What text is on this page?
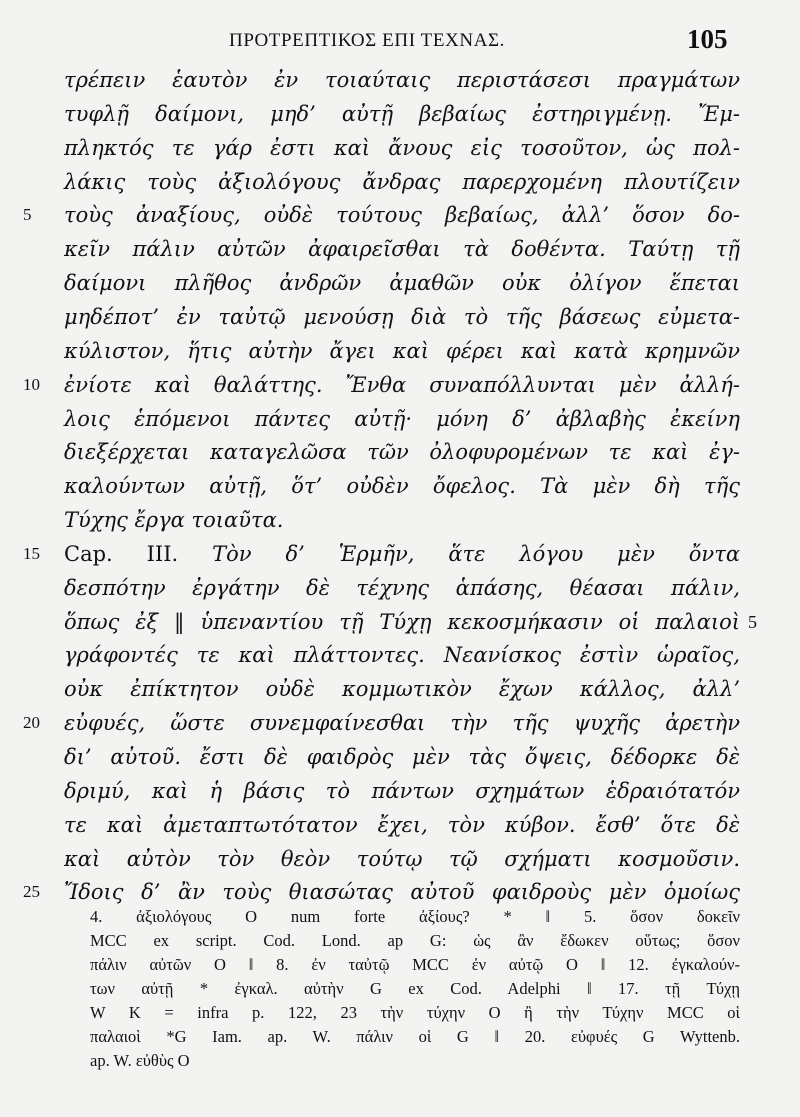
ΠΡΟΤΡΕΠΤΙΚΟΣ ΕΠΙ ΤΕΧΝΑΣ.	105
τρέπειν ἑαυτὸν ἐν τοιαύταις περιστάσεσι πραγμάτων
τυφλῇ δαίμονι, μηδ’ αὐτῇ βεβαίως ἐστηριγμένῃ. Ἔμ-
πληκτός τε γάρ ἐστι καὶ ἄνους εἰς τοσοῦτον, ὡς πολ-
λάκις τοὺς ἀξιολόγους ἄνδρας παρερχομένη πλουτίζειν
5	τοὺς ἀναξίους, οὐδὲ τούτους βεβαίως, ἀλλ’ ὅσον δο-
κεῖν πάλιν αὐτῶν ἀφαιρεῖσθαι τὰ δοθέντα. Ταύτῃ τῇ
δαίμονι πλῆθος ἀνδρῶν ἀμαθῶν οὐκ ὀλίγον ἕπεται
μηδέποτ’ ἐν ταὐτῷ μενούσῃ διὰ τὸ τῆς βάσεως εὐμετα-
κύλιστον, ἥτις αὐτὴν ἄγει καὶ φέρει καὶ κατὰ κρημνῶν
10	ἐνίοτε καὶ θαλάττης. Ἔνθα συναπόλλυνται μὲν ἀλλή-
λοις ἑπόμενοι πάντες αὐτῇ· μόνη δ’ ἀβλαβὴς ἐκείνη
διεξέρχεται καταγελῶσα τῶν ὀλοφυρομένων τε καὶ ἐγ-
καλούντων αὐτῇ, ὅτ’ οὐδὲν ὄφελος. Τὰ μὲν δὴ τῆς
Τύχης ἔργα τοιαῦτα.
15	Cap. III. Τὸν δ’ Ἑρμῆν, ἅτε λόγου μὲν ὄντα
δεσπότην ἐργάτην δὲ τέχνης ἁπάσης, θέασαι πάλιν,
ὅπως ἐξ ‖ ὑπεναντίου τῇ Τύχῃ κεκοσμήκασιν οἱ παλαιοὶ 5
γράφοντές τε καὶ πλάττοντες. Νεανίσκος ἐστὶν ὡραῖος,
οὐκ ἐπίκτητον οὐδὲ κομμωτικὸν ἔχων κάλλος, ἀλλ’
20	εὐφυές, ὥστε συνεμφαίνεσθαι τὴν τῆς ψυχῆς ἀρετὴν
δι’ αὐτοῦ. ἔστι δὲ φαιδρὸς μὲν τὰς ὄψεις, δέδορκε δὲ
δριμύ, καὶ ἡ βάσις τὸ πάντων σχημάτων ἑδραιότατόν
τε καὶ ἀμεταπτωτότατον ἔχει, τὸν κύβον. ἔσθ’ ὅτε δὲ
καὶ αὐτὸν τὸν θεὸν τούτῳ τῷ σχήματι κοσμοῦσιν.
25	Ἴδοις δ’ ἂν τοὺς θιασώτας αὐτοῦ φαιδροὺς μὲν ὁμοίως
4. ἀξιολόγους O num forte ἀξίους? * ‖ 5. ὅσον δοκεῖν
MCC ex script. Cod. Lond. ap G: ὡς ἂν ἔδωκεν οὕτως; ὅσον
πάλιν αὐτῶν O ‖ 8. ἐν ταὐτῷ MCC ἐν αὐτῷ O ‖ 12. ἐγκαλούν-
των αὐτῇ * ἐγκαλ. αὐτὴν G ex Cod. Adelphi ‖ 17. τῇ Τύχῃ
W K = infra p. 122, 23 τὴν τύχην O ἢ τὴν Τύχην MCC οἱ
παλαιοὶ *G Iam. ap. W. πάλιν οἱ G ‖ 20. εὐφυές G Wyttenb.
ap. W. εὐθὺς O
